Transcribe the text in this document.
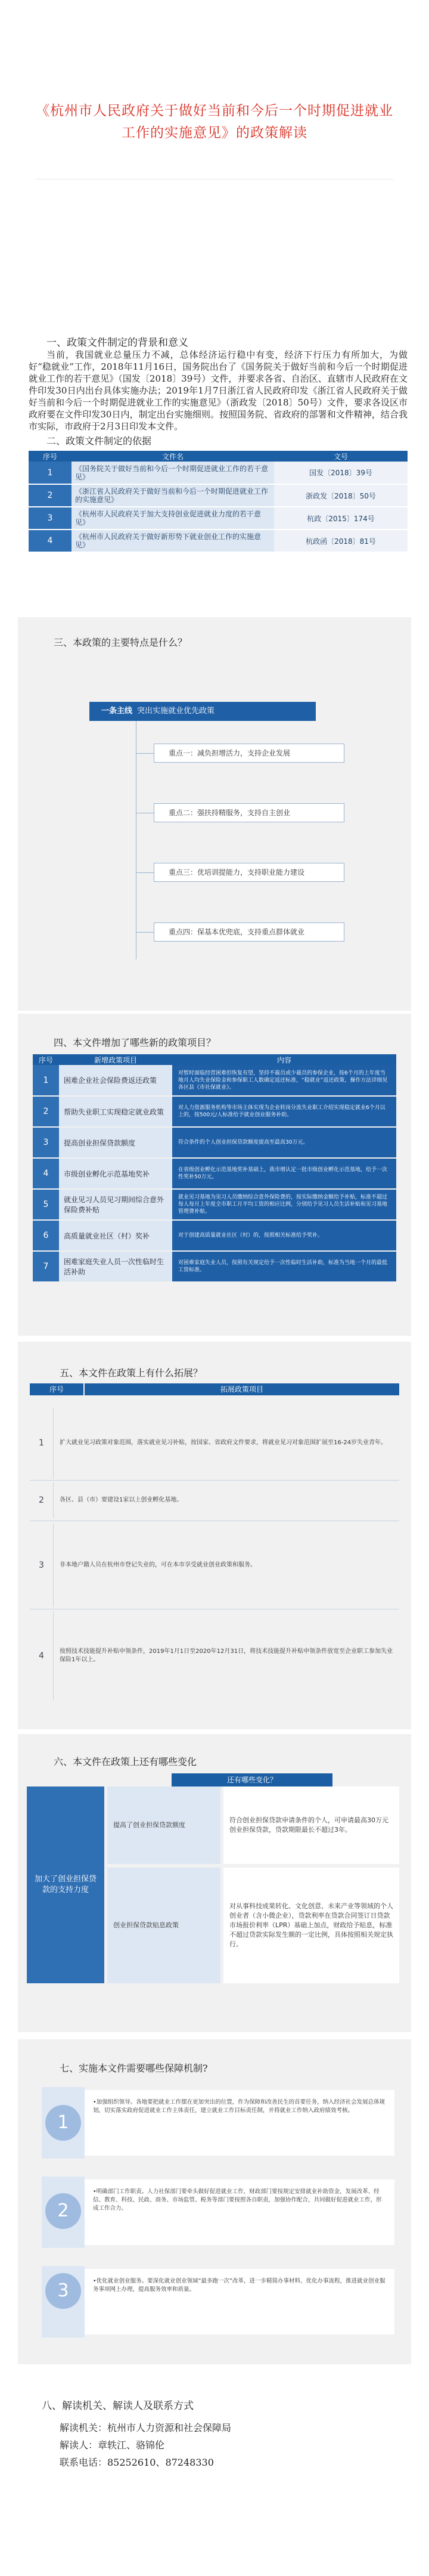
《杭州市人民政府关于做好当前和今后一个时期促进就业工作的实施意见》的政策解读
一、政策文件制定的背景和意义

当前，我国就业总量压力不减，总体经济运行稳中有变，经济下行压力有所加大，为做好“稳就业”工作，2018年11月16日，国务院出台了《国务院关于做好当前和今后一个时期促进就业工作的若干意见》（国发〔2018〕39号）文件，并要求各省、自治区、直辖市人民政府在文件印发30日内出台具体实施办法；2019年1月7日浙江省人民政府印发《浙江省人民政府关于做好当前和今后一个时期促进就业工作的实施意见》（浙政发〔2018〕50号）文件，要求各设区市政府要在文件印发30日内，制定出台实施细则。按照国务院、省政府的部署和文件精神，结合我市实际，市政府于2月3日印发本文件。

二、政策文件制定的依据
序号	文件名	文号
1	《国务院关于做好当前和今后一个时期促进就业工作的若干意见》	国发〔2018〕39号
2	《浙江省人民政府关于做好当前和今后一个时期促进就业工作的实施意见》	浙政发〔2018〕50号
3	《杭州市人民政府关于加大支持创业促进就业力度的若干意见》	杭政〔2015〕174号
4	《杭州市人民政府关于做好新形势下就业创业工作的实施意见》	杭政函〔2018〕81号
三、本政策的主要特点是什么？
一条主线 突出实施就业优先政策
重点一：减负担增活力，支持企业发展
重点二：强扶持精服务，支持自主创业
重点三：优培训提能力，支持职业能力建设
重点四：保基本优兜底，支持重点群体就业
四、本文件增加了哪些新的政策项目？
序号	新增政策项目	内容
1	困难企业社会保险费返还政策	对暂时面临经营困难但恢复有望，坚持不裁员或少裁员的参保企业，按6个月的上年度当地月人均失业保险金和参保职工人数确定返还标准，“稳就业”返还政策，操作方法详细见各区县《市社保就业》。
2	帮助失业职工实现稳定就业政策	对人力资源服务机构等市场主体实现为企业转岗分流失业职工介绍实现稳定就业6个月以上的，按500元/人标准给予就业创业服务补助。
3	提高创业担保贷款额度	符合条件的个人创业担保贷款额度提高至最高30万元。
4	市级创业孵化示范基地奖补	在省级创业孵化示范基地奖补基础上，我市增认定一批市级创业孵化示范基地，给予一次性奖补50万元。
5	就业见习人员见习期间综合意外保险费补贴	就业见习基地为见习人员缴纳综合意外保险费的，按实际缴纳金额给予补贴，标准不超过每人每月上年度全市职工月平均工资的相应比例，分别给予见习人员生活补贴和见习基地管理费补贴。
6	高质量就业社区（村）奖补	对于创建高质量就业社区（村）的，按照相关标准给予奖补。
7	困难家庭失业人员一次性临时生活补助	对困难家庭失业人员，按照有关规定给予一次性临时生活补助，标准为当地一个月的最低工资标准。
五、本文件在政策上有什么拓展？
序号	拓展政策项目
1	扩大就业见习政策对象范围，落实就业见习补贴，按国家、省政府文件要求，将就业见习对象范围扩展至16-24岁失业青年。
2	各区、县（市）要建设1家以上创业孵化基地。
3	非本地户籍人员在杭州市登记失业的，可在本市享受就业创业政策和服务。
4	按照技术技能提升补贴申领条件，2019年1月1日至2020年12月31日，将技术技能提升补贴申领条件放宽至企业职工参加失业保险1年以上。
六、本文件在政策上还有哪些变化
还有哪些变化？
加大了创业担保贷款的支持力度
提高了创业担保贷款额度
符合创业担保贷款申请条件的个人，可申请最高30万元创业担保贷款，贷款期限最长不超过3年。
创业担保贷款贴息政策
对从事科技成果转化、文化创意、未来产业等领域的个人创业者（含小微企业），贷款利率在贷款合同签订日贷款市场报价利率（LPR）基础上加点，财政给予贴息，标准不超过贷款实际发生额的一定比例，具体按照相关规定执行。
七、实施本文件需要哪些保障机制?
1
•加强组织领导。各地要把就业工作摆在更加突出的位置，作为保障和改善民生的首要任务，纳入经济社会发展总体规划，切实落实政府促进就业工作主体责任，建立就业工作目标责任制，并将就业工作纳入政府绩效考核。
2
•明确部门工作职责。人力社保部门要牵头做好促进就业工作，财政部门要按规定安排就业补助资金，发展改革、经信、教育、科技、民政、商务、市场监管、税务等部门要按照各自职责，加强协作配合，共同做好促进就业工作，形成工作合力。
3	•优化就业创业服务。要深化就业创业领域“最多跑一次”改革，进一步精简办事材料、优化办事流程，推进就业创业服务事项网上办理，提高服务效率和质量。
八、解读机关、解读人及联系方式

解读机关：杭州市人力资源和社会保障局

解读人：章轶江、骆锦伦

联系电话：85252610、87248330
